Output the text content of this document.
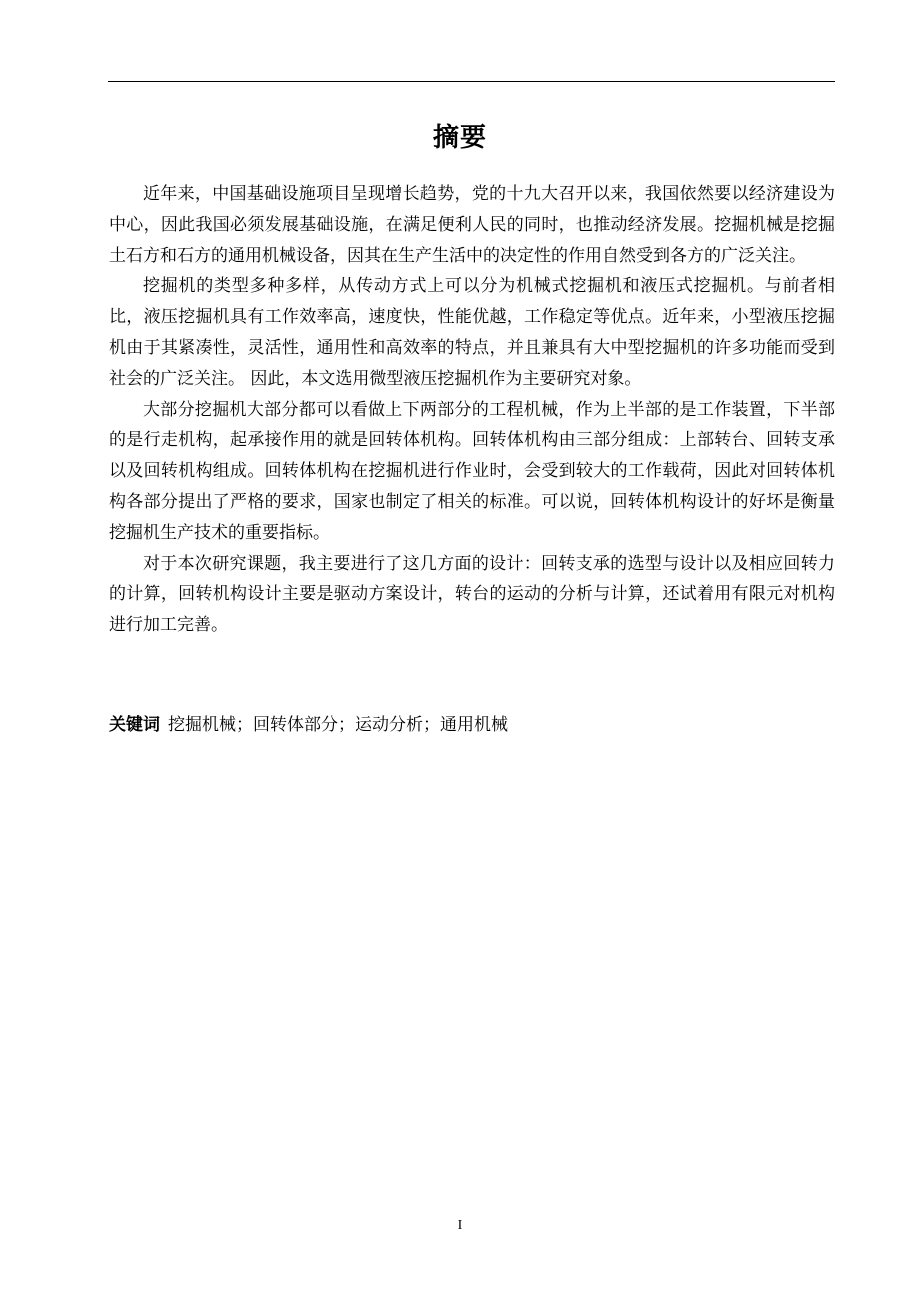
摘要

近年来，中国基础设施项目呈现增长趋势，党的十九大召开以来，我国依然要以经济建设为中心，因此我国必须发展基础设施，在满足便利人民的同时，也推动经济发展。挖掘机械是挖掘土石方和石方的通用机械设备，因其在生产生活中的决定性的作用自然受到各方的广泛关注。

挖掘机的类型多种多样，从传动方式上可以分为机械式挖掘机和液压式挖掘机。与前者相比，液压挖掘机具有工作效率高，速度快，性能优越，工作稳定等优点。近年来，小型液压挖掘机由于其紧凑性，灵活性，通用性和高效率的特点，并且兼具有大中型挖掘机的许多功能而受到社会的广泛关注。 因此，本文选用微型液压挖掘机作为主要研究对象。

大部分挖掘机大部分都可以看做上下两部分的工程机械，作为上半部的是工作装置，下半部的是行走机构，起承接作用的就是回转体机构。回转体机构由三部分组成：上部转台、回转支承以及回转机构组成。回转体机构在挖掘机进行作业时，会受到较大的工作载荷，因此对回转体机构各部分提出了严格的要求，国家也制定了相关的标准。可以说，回转体机构设计的好坏是衡量挖掘机生产技术的重要指标。

对于本次研究课题，我主要进行了这几方面的设计：回转支承的选型与设计以及相应回转力的计算，回转机构设计主要是驱动方案设计，转台的运动的分析与计算，还试着用有限元对机构进行加工完善。

关键词 挖掘机械；回转体部分；运动分析；通用机械
I
